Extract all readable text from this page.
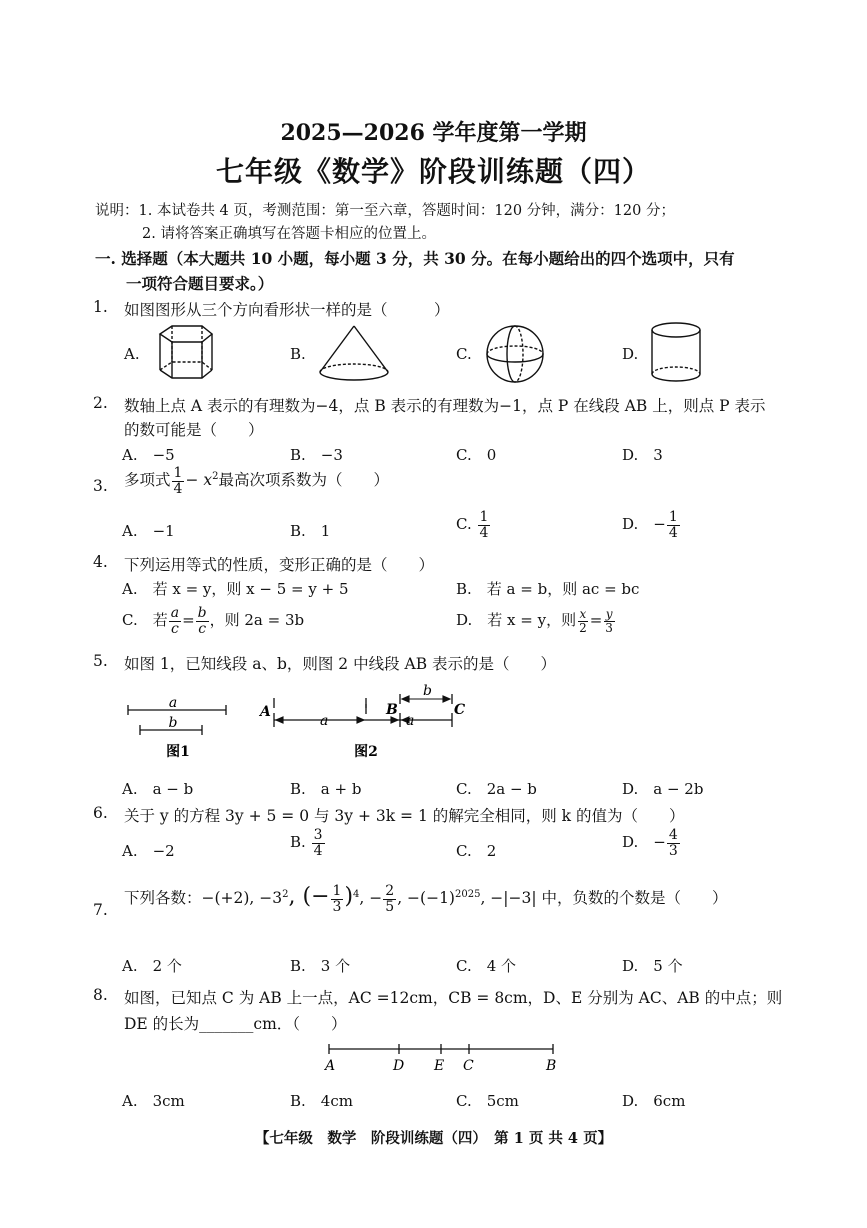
2025—2026 学年度第一学期
七年级《数学》阶段训练题（四）
说明：1. 本试卷共 4 页，考测范围：第一至六章，答题时间：120 分钟，满分：120 分；
2. 请将答案正确填写在答题卡相应的位置上。
一. 选择题（本大题共 10 小题，每小题 3 分，共 30 分。在每小题给出的四个选项中，只有
一项符合题目要求。）
1. 如图图形从三个方向看形状一样的是（　　　）
A.	B.	C.	D.
2. 数轴上点 A 表示的有理数为−4，点 B 表示的有理数为−1，点 P 在线段 AB 上，则点 P 表示
的数可能是（　　）
A.　−5	B.　−3	C.　0	D.　3
3. 多项式 $\frac{1}{4} - x^2$最高次项系数为（　　）
A.　−1	B.　1	C. $\frac{1}{4}$	D.　− $\frac{1}{4}$
4. 下列运用等式的性质，变形正确的是（　　）
A.　若 x = y，则 x − 5 = y + 5	B.　若 a = b，则 ac = bc
C.　若 $\frac{a}{c} = \frac{b}{c}$ ，则 2a = 3b	D.　若 x = y，则 $\frac{x}{2} = \frac{y}{3}$
5. 如图 1，已知线段 a、b，则图 2 中线段 AB 表示的是（　　）
a
b
图1
A
a
B
a
b
C
图2
A.　a − b	B.　a + b	C.　2a − b	D.　a − 2b
6. 关于 y 的方程 3y + 5 = 0 与 3y + 3k = 1 的解完全相同，则 k 的值为（　　）
A.　−2	B. $\frac{3}{4}$	C.　2	D.　− $\frac{4}{3}$
7.
下列各数：−(+2), $-3^2$, (− $\frac{1}{3} )^4$, − $\frac{2}{5}$ , $-(-1)^{2025}$, −|−3| 中，负数的个数是（　　）
A.　2 个	B.　3 个	C.　4 个	D.　5 个
8. 如图，已知点 C 为 AB 上一点，AC =12cm，CB = 8cm，D、E 分别为 AC、AB 的中点；则
DE 的长为_______cm．（　　）
A	D E C	B
A.　3cm	B.　4cm	C.　5cm	D.　6cm
【七年级　数学　阶段训练题（四）　第 1 页 共 4 页】
